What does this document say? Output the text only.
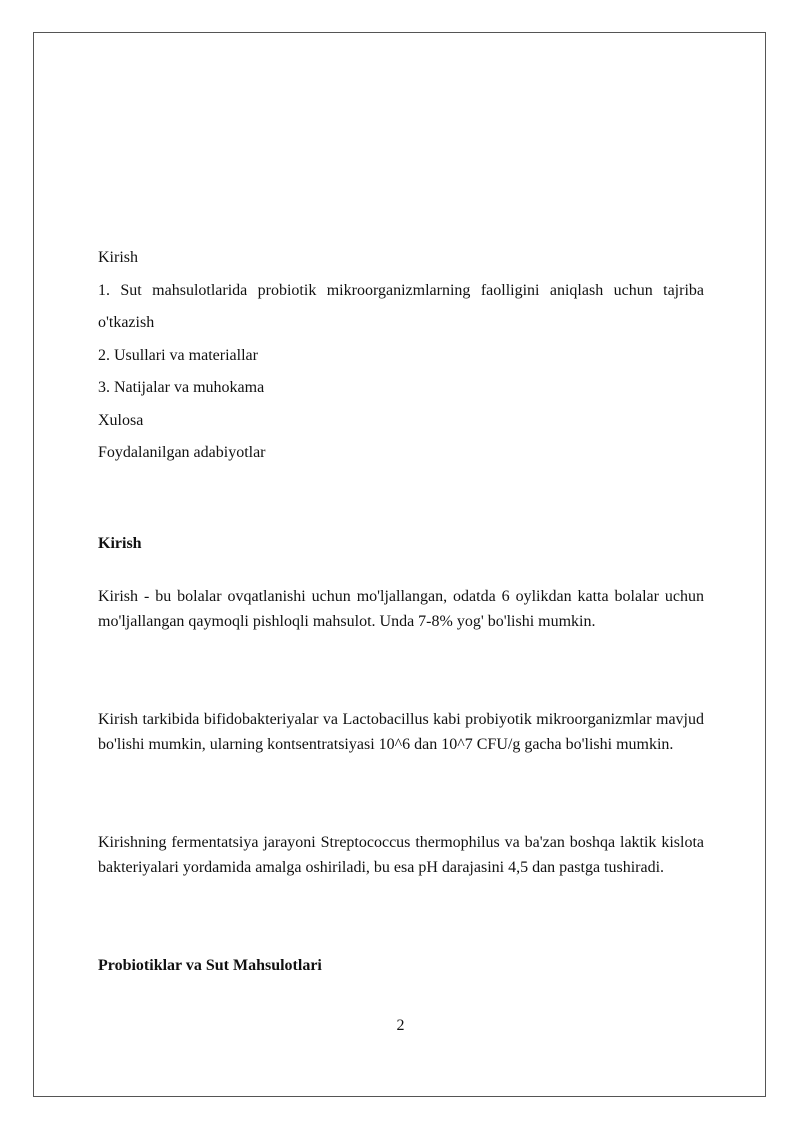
Kirish
1. Sut mahsulotlarida probiotik mikroorganizmlarning faolligini aniqlash uchun tajriba o'tkazish
2. Usullari va materiallar
3. Natijalar va muhokama
Xulosa
Foydalanilgan adabiyotlar
Kirish
Kirish - bu bolalar ovqatlanishi uchun mo'ljallangan, odatda 6 oylikdan katta bolalar uchun mo'ljallangan qaymoqli pishloqli mahsulot. Unda 7-8% yog' bo'lishi mumkin.
Kirish tarkibida bifidobakteriyalar va Lactobacillus kabi probiyotik mikroorganizmlar mavjud bo'lishi mumkin, ularning kontsentratsiyasi 10^6 dan 10^7 CFU/g gacha bo'lishi mumkin.
Kirishning fermentatsiya jarayoni Streptococcus thermophilus va ba'zan boshqa laktik kislota bakteriyalari yordamida amalga oshiriladi, bu esa pH darajasini 4,5 dan pastga tushiradi.
Probiotiklar va Sut Mahsulotlari
2
